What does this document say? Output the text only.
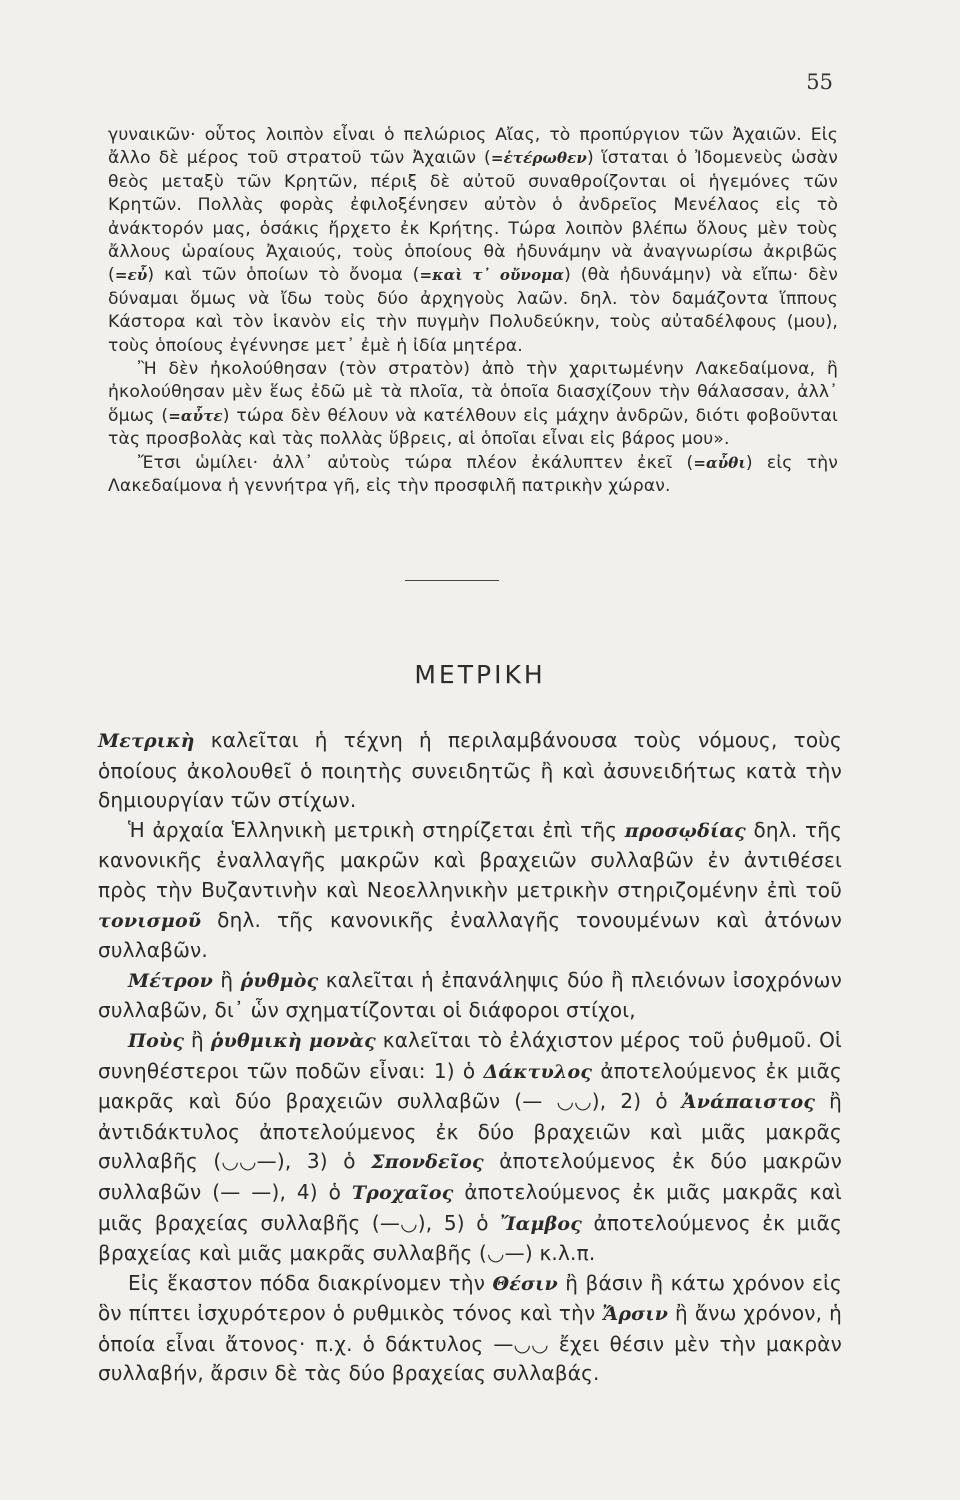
55

γυναικῶν· οὗτος λοιπὸν εἶναι ὁ πελώριος Αἴας, τὸ προπύργιον τῶν Ἀχαιῶν. Εἰς ἄλλο δὲ μέρος τοῦ στρατοῦ τῶν Ἀχαιῶν (=ἑτέρωθεν) ἵσταται ὁ Ἰδομενεὺς ὡσὰν θεὸς μεταξὺ τῶν Κρητῶν, πέριξ δὲ αὐτοῦ συναθροίζονται οἱ ἡγεμόνες τῶν Κρητῶν. Πολλὰς φορὰς ἐφιλοξένησεν αὐτὸν ὁ ἀνδρεῖος Μενέλαος εἰς τὸ ἀνάκτορόν μας, ὁσάκις ἤρχετο ἐκ Κρήτης. Τώρα λοιπὸν βλέπω ὅλους μὲν τοὺς ἄλλους ὡραίους Ἀχαιούς, τοὺς ὁποίους θὰ ἠδυνάμην νὰ ἀναγνωρίσω ἀκριβῶς (=εὖ) καὶ τῶν ὁποίων τὸ ὄνομα (=καὶ τ᾿ οὔνομα) (θὰ ἠδυνάμην) νὰ εἴπω· δὲν δύναμαι ὅμως νὰ ἴδω τοὺς δύο ἀρχηγοὺς λαῶν. δηλ. τὸν δαμάζοντα ἵππους Κάστορα καὶ τὸν ἱκανὸν εἰς τὴν πυγμὴν Πολυδεύκην, τοὺς αὐταδέλφους (μου), τοὺς ὁποίους ἐγέννησε μετ᾿ ἐμὲ ἡ ἰδία μητέρα.

Ἢ δὲν ἠκολούθησαν (τὸν στρατὸν) ἀπὸ τὴν χαριτωμένην Λακεδαίμονα, ἢ ἠκολούθησαν μὲν ἕως ἐδῶ μὲ τὰ πλοῖα, τὰ ὁποῖα διασχίζουν τὴν θάλασσαν, ἀλλ᾿ ὅμως (=αὖτε) τώρα δὲν θέλουν νὰ κατέλθουν εἰς μάχην ἀνδρῶν, διότι φοβοῦνται τὰς προσβολὰς καὶ τὰς πολλὰς ὕβρεις, αἱ ὁποῖαι εἶναι εἰς βάρος μου».

Ἔτσι ὡμίλει· ἀλλ᾿ αὐτοὺς τώρα πλέον ἐκάλυπτεν ἐκεῖ (=αὖθι) εἰς τὴν Λακεδαίμονα ἡ γεννήτρα γῆ, εἰς τὴν προσφιλῆ πατρικὴν χώραν.

ΜΕΤΡΙΚΗ

Μετρικὴ καλεῖται ἡ τέχνη ἡ περιλαμβάνουσα τοὺς νόμους, τοὺς ὁποίους ἀκολουθεῖ ὁ ποιητὴς συνειδητῶς ἢ καὶ ἀσυνειδήτως κατὰ τὴν δημιουργίαν τῶν στίχων.

Ἡ ἀρχαία Ἑλληνικὴ μετρικὴ στηρίζεται ἐπὶ τῆς προσῳδίας δηλ. τῆς κανονικῆς ἐναλλαγῆς μακρῶν καὶ βραχειῶν συλλαβῶν ἐν ἀντιθέσει πρὸς τὴν Βυζαντινὴν καὶ Νεοελληνικὴν μετρικὴν στηριζομένην ἐπὶ τοῦ τονισμοῦ δηλ. τῆς κανονικῆς ἐναλλαγῆς τονουμένων καὶ ἀτόνων συλλαβῶν.

Μέτρον ἢ ῥυθμὸς καλεῖται ἡ ἐπανάληψις δύο ἢ πλειόνων ἰσοχρόνων συλλαβῶν, δι᾿ ὧν σχηματίζονται οἱ διάφοροι στίχοι,

Ποὺς ἢ ῥυθμικὴ μονὰς καλεῖται τὸ ἐλάχιστον μέρος τοῦ ῥυθμοῦ. Οἱ συνηθέστεροι τῶν ποδῶν εἶναι: 1) ὁ Δάκτυλος ἀποτελούμενος ἐκ μιᾶς μακρᾶς καὶ δύο βραχειῶν συλλαβῶν (— ◡◡), 2) ὁ Ἀνάπαιστος ἢ ἀντιδάκτυλος ἀποτελούμενος ἐκ δύο βραχειῶν καὶ μιᾶς μακρᾶς συλλαβῆς (◡◡—), 3) ὁ Σπονδεῖος ἀποτελούμενος ἐκ δύο μακρῶν συλλαβῶν (— —), 4) ὁ Τροχαῖος ἀποτελούμενος ἐκ μιᾶς μακρᾶς καὶ μιᾶς βραχείας συλλαβῆς (—◡), 5) ὁ Ἴαμβος ἀποτελούμενος ἐκ μιᾶς βραχείας καὶ μιᾶς μακρᾶς συλλαβῆς (◡—) κ.λ.π.

Εἰς ἕκαστον πόδα διακρίνομεν τὴν Θέσιν ἢ βάσιν ἢ κάτω χρόνον εἰς ὃν πίπτει ἰσχυρότερον ὁ ρυθμικὸς τόνος καὶ τὴν Ἄρσιν ἢ ἄνω χρόνον, ἡ ὁποία εἶναι ἄτονος· π.χ. ὁ δάκτυλος —◡◡ ἔχει θέσιν μὲν τὴν μακρὰν συλλαβήν, ἄρσιν δὲ τὰς δύο βραχείας συλλαβάς.
